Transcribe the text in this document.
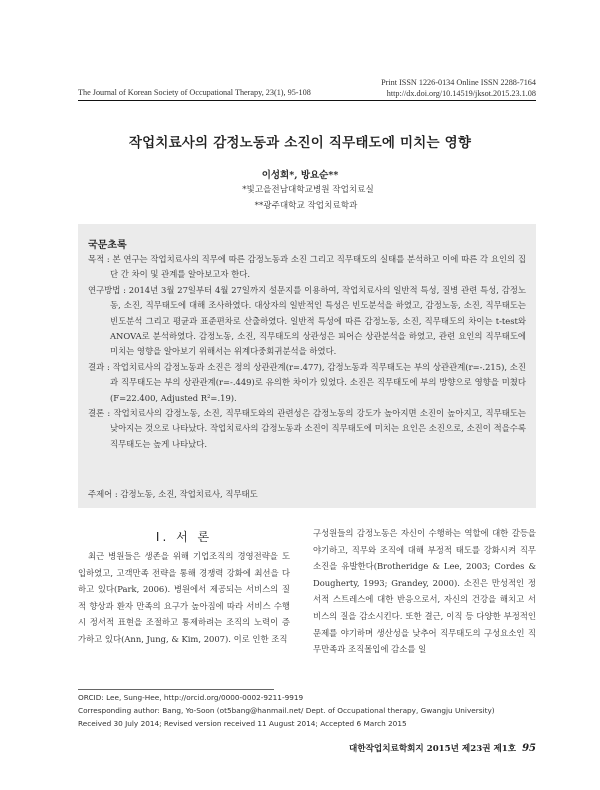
Print ISSN 1226-0134 Online ISSN 2288-7164
http://dx.doi.org/10.14519/jksot.2015.23.1.08
The Journal of Korean Society of Occupational Therapy, 23(1), 95-108
작업치료사의 감정노동과 소진이 직무태도에 미치는 영향
이성희*, 방요순**
*빛고을전남대학교병원 작업치료실
**광주대학교 작업치료학과
국문초록

목적 : 본 연구는 작업치료사의 직무에 따른 감정노동과 소진 그리고 직무태도의 실태를 분석하고 이에 따른 각 요인의 집단 간 차이 및 관계를 알아보고자 한다.

연구방법 : 2014년 3월 27일부터 4월 27일까지 설문지를 이용하여, 작업치료사의 일반적 특성, 질병 관련 특성, 감정노동, 소진, 직무태도에 대해 조사하였다. 대상자의 일반적인 특성은 빈도분석을 하였고, 감정노동, 소진, 직무태도는 빈도분석 그리고 평균과 표준편차로 산출하였다. 일반적 특성에 따른 감정노동, 소진, 직무태도의 차이는 t-test와 ANOVA로 분석하였다. 감정노동, 소진, 직무태도의 상관성은 피어슨 상관분석을 하였고, 관련 요인의 직무태도에 미치는 영향을 알아보기 위해서는 위계다중회귀분석을 하였다.

결과 : 작업치료사의 감정노동과 소진은 정의 상관관계(r=.477), 감정노동과 직무태도는 부의 상관관계(r=-.215), 소진과 직무태도는 부의 상관관계(r=-.449)로 유의한 차이가 있었다. 소진은 직무태도에 부의 방향으로 영향을 미쳤다(F=22.400, Adjusted R²=.19).

결론 : 작업치료사의 감정노동, 소진, 직무태도와의 관련성은 감정노동의 강도가 높아지면 소진이 높아지고, 직무태도는 낮아지는 것으로 나타났다. 작업치료사의 감정노동과 소진이 직무태도에 미치는 요인은 소진으로, 소진이 적을수록 직무태도는 높게 나타났다.

주제어 : 감정노동, 소진, 작업치료사, 직무태도
Ⅰ. 서 론
최근 병원들은 생존을 위해 기업조직의 경영전략을 도입하였고, 고객만족 전략을 통해 경쟁력 강화에 최선을 다하고 있다(Park, 2006). 병원에서 제공되는 서비스의 질적 향상과 환자 만족의 요구가 높아짐에 따라 서비스 수행시 정서적 표현을 조절하고 통제하려는 조직의 노력이 증가하고 있다(Ann, Jung, & Kim, 2007). 이로 인한 조직
구성원들의 감정노동은 자신이 수행하는 역할에 대한 갈등을 야기하고, 직무와 조직에 대해 부정적 태도를 강화시켜 직무소진을 유발한다(Brotheridge & Lee, 2003; Cordes & Dougherty, 1993; Grandey, 2000). 소진은 만성적인 정서적 스트레스에 대한 반응으로서, 자신의 건강을 해치고 서비스의 질을 감소시킨다. 또한 결근, 이직 등 다양한 부정적인 문제를 야기하며 생산성을 낮추어 직무태도의 구성요소인 직무만족과 조직몰입에 감소를 일
ORCID: Lee, Sung-Hee, http://orcid.org/0000-0002-9211-9919
Corresponding author: Bang, Yo-Soon (ot5bang@hanmail.net/ Dept. of Occupational therapy, Gwangju University)
Received 30 July 2014; Revised version received 11 August 2014; Accepted 6 March 2015
대한작업치료학회지 2015년 제23권 제1호 95
